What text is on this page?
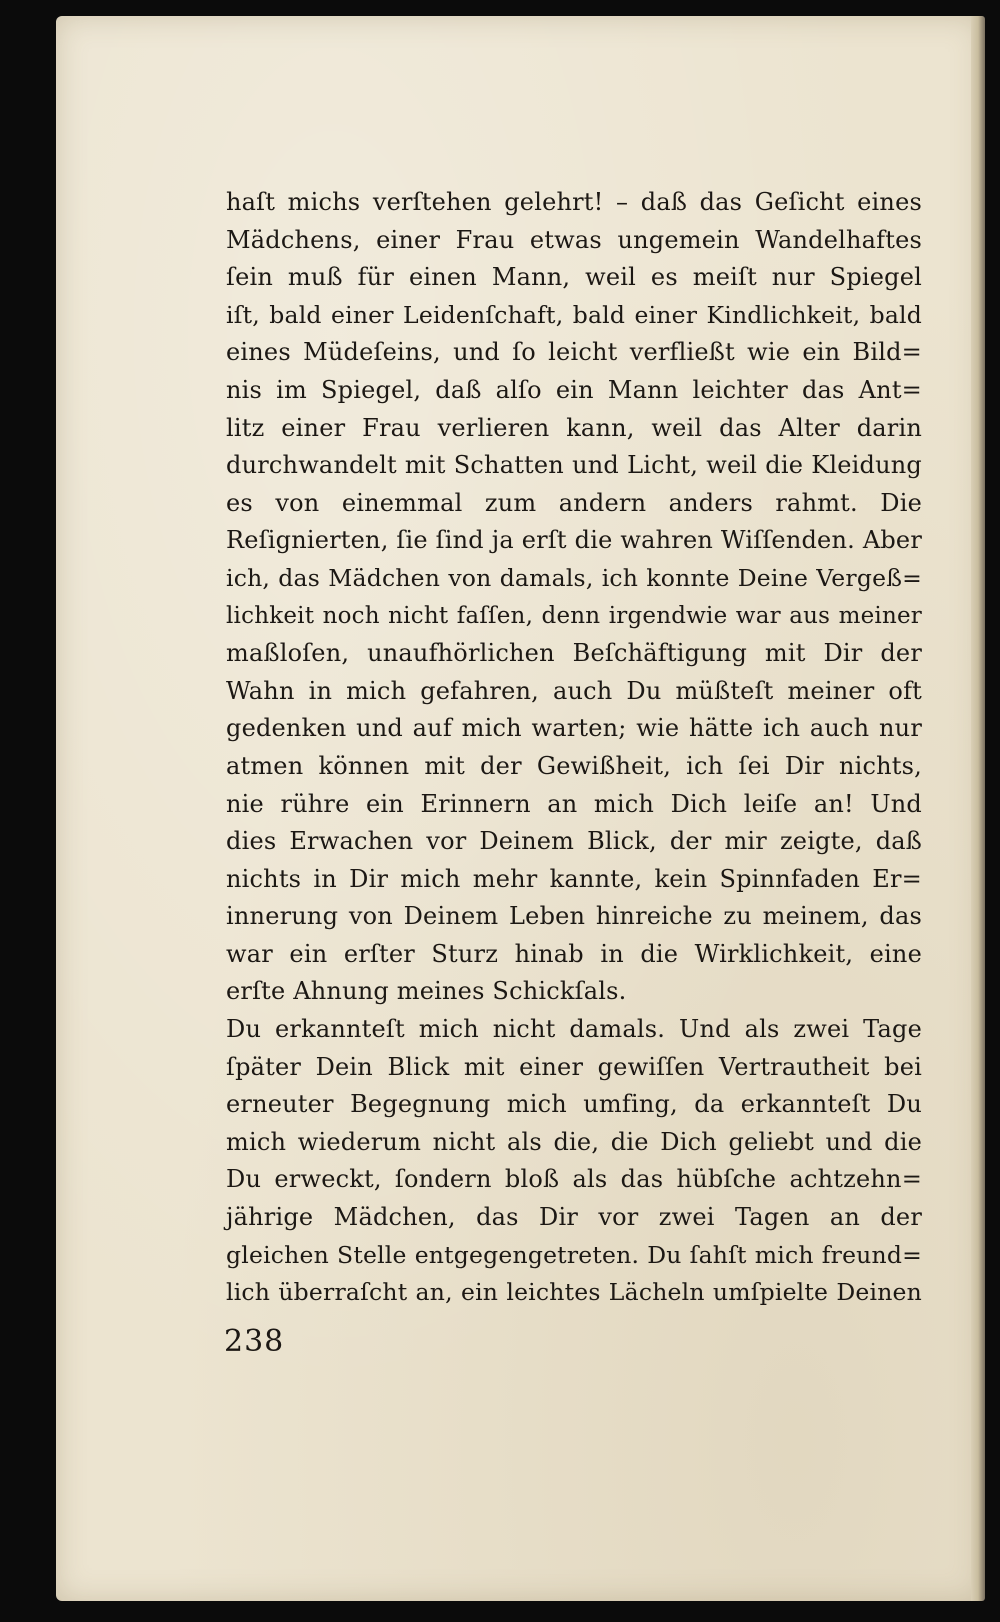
haſt michs verſtehen gelehrt! – daß das Geſicht eines
Mädchens, einer Frau etwas ungemein Wandelhaftes
ſein muß für einen Mann, weil es meiſt nur Spiegel
iſt, bald einer Leidenſchaft, bald einer Kindlichkeit, bald
eines Müdeſeins, und ſo leicht verfließt wie ein Bild=
nis im Spiegel, daß alſo ein Mann leichter das Ant=
litz einer Frau verlieren kann, weil das Alter darin
durchwandelt mit Schatten und Licht, weil die Kleidung
es von einemmal zum andern anders rahmt. Die
Reſignierten, ſie ſind ja erſt die wahren Wiſſenden. Aber
ich, das Mädchen von damals, ich konnte Deine Vergeß=
lichkeit noch nicht faſſen, denn irgendwie war aus meiner
maßloſen, unaufhörlichen Beſchäftigung mit Dir der
Wahn in mich gefahren, auch Du müßteſt meiner oft
gedenken und auf mich warten; wie hätte ich auch nur
atmen können mit der Gewißheit, ich ſei Dir nichts,
nie rühre ein Erinnern an mich Dich leiſe an! Und
dies Erwachen vor Deinem Blick, der mir zeigte, daß
nichts in Dir mich mehr kannte, kein Spinnfaden Er=
innerung von Deinem Leben hinreiche zu meinem, das
war ein erſter Sturz hinab in die Wirklichkeit, eine
erſte Ahnung meines Schickſals.
Du erkannteſt mich nicht damals. Und als zwei Tage
ſpäter Dein Blick mit einer gewiſſen Vertrautheit bei
erneuter Begegnung mich umfing, da erkannteſt Du
mich wiederum nicht als die, die Dich geliebt und die
Du erweckt, ſondern bloß als das hübſche achtzehn=
jährige Mädchen, das Dir vor zwei Tagen an der
gleichen Stelle entgegengetreten. Du ſahſt mich freund=
lich überraſcht an, ein leichtes Lächeln umſpielte Deinen
238
